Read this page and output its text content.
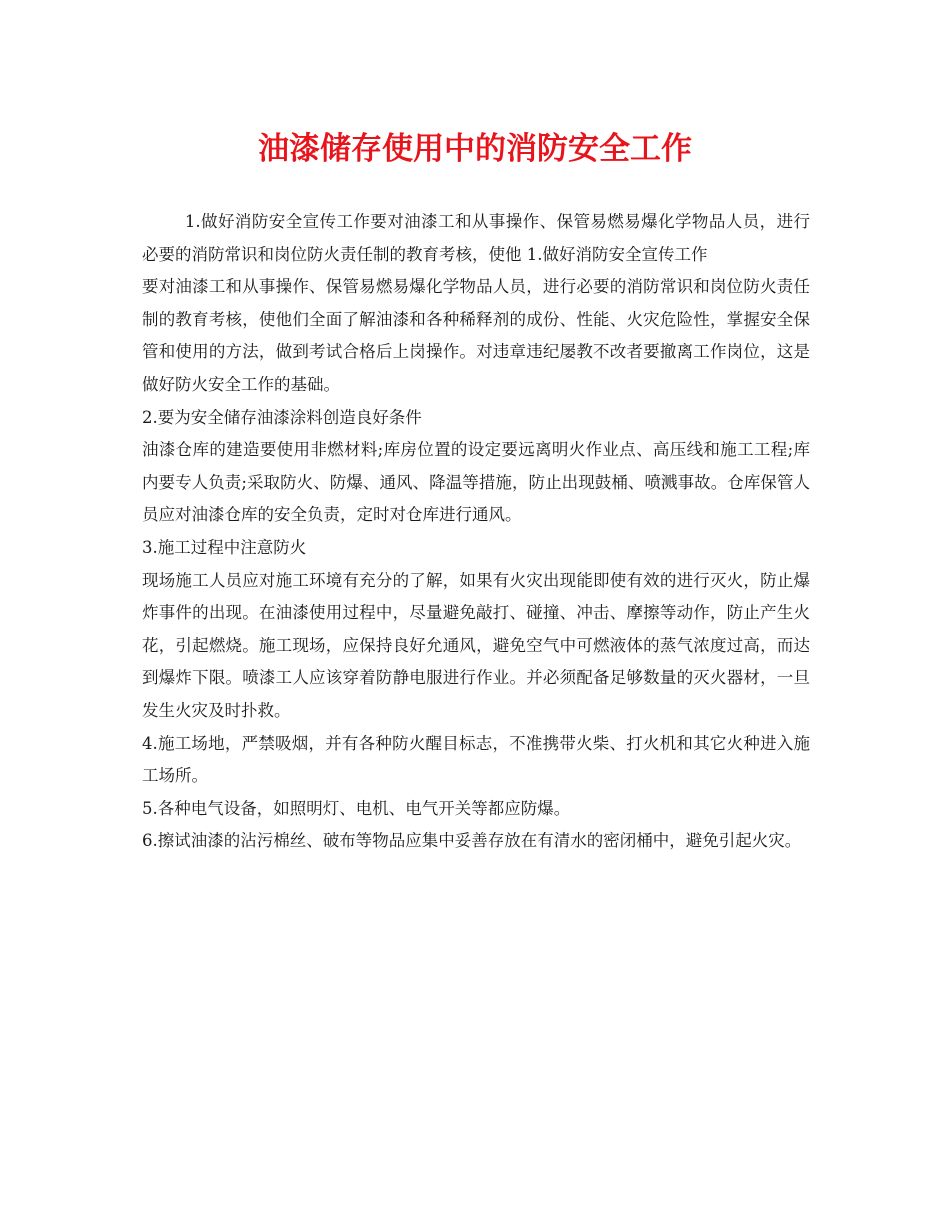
油漆储存使用中的消防安全工作

1.做好消防安全宣传工作要对油漆工和从事操作、保管易燃易爆化学物品人员，进行必要的消防常识和岗位防火责任制的教育考核，使他 1.做好消防安全宣传工作

要对油漆工和从事操作、保管易燃易爆化学物品人员，进行必要的消防常识和岗位防火责任制的教育考核，使他们全面了解油漆和各种稀释剂的成份、性能、火灾危险性，掌握安全保管和使用的方法，做到考试合格后上岗操作。对违章违纪屡教不改者要撤离工作岗位，这是做好防火安全工作的基础。

2.要为安全储存油漆涂料创造良好条件

油漆仓库的建造要使用非燃材料;库房位置的设定要远离明火作业点、高压线和施工工程;库内要专人负责;采取防火、防爆、通风、降温等措施，防止出现鼓桶、喷溅事故。仓库保管人员应对油漆仓库的安全负责，定时对仓库进行通风。

3.施工过程中注意防火

现场施工人员应对施工环境有充分的了解，如果有火灾出现能即使有效的进行灭火，防止爆炸事件的出现。在油漆使用过程中，尽量避免敲打、碰撞、冲击、摩擦等动作，防止产生火花，引起燃烧。施工现场，应保持良好允通风，避免空气中可燃液体的蒸气浓度过高，而达到爆炸下限。喷漆工人应该穿着防静电服进行作业。并必须配备足够数量的灭火器材，一旦发生火灾及时扑救。

4.施工场地，严禁吸烟，并有各种防火醒目标志，不准携带火柴、打火机和其它火种进入施工场所。

5.各种电气设备，如照明灯、电机、电气开关等都应防爆。

6.擦试油漆的沾污棉丝、破布等物品应集中妥善存放在有清水的密闭桶中，避免引起火灾。
